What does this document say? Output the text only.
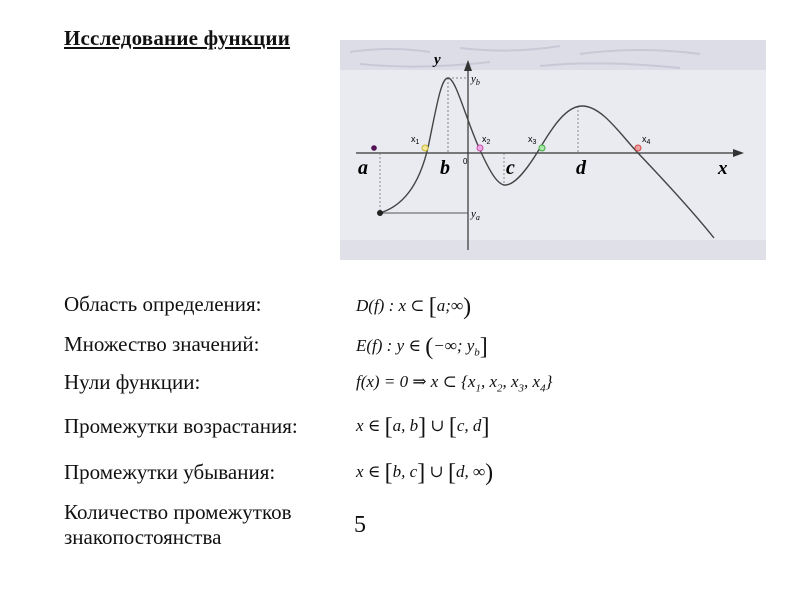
Исследование функции
y
x
0
$y_b$
$y_a$
a	b	c	d
$x_1$	$x_2$	$x_3$	$x_4$
Область определения:	D(f) : x ⊂ [a;∞)
Множество значений:	E(f) : y ∈ (−∞; $y_b$]
Нули функции:	f(x) = 0 ⇒ x ⊂ {$x_1$, $x_2$, $x_3$, $x_4$}
Промежутки возрастания:	x ∈ [a, b] ∪ [c, d]
Промежутки убывания:	x ∈ [b, c] ∪ [d, ∞)
Количество промежутков
знакопостоянства	5
